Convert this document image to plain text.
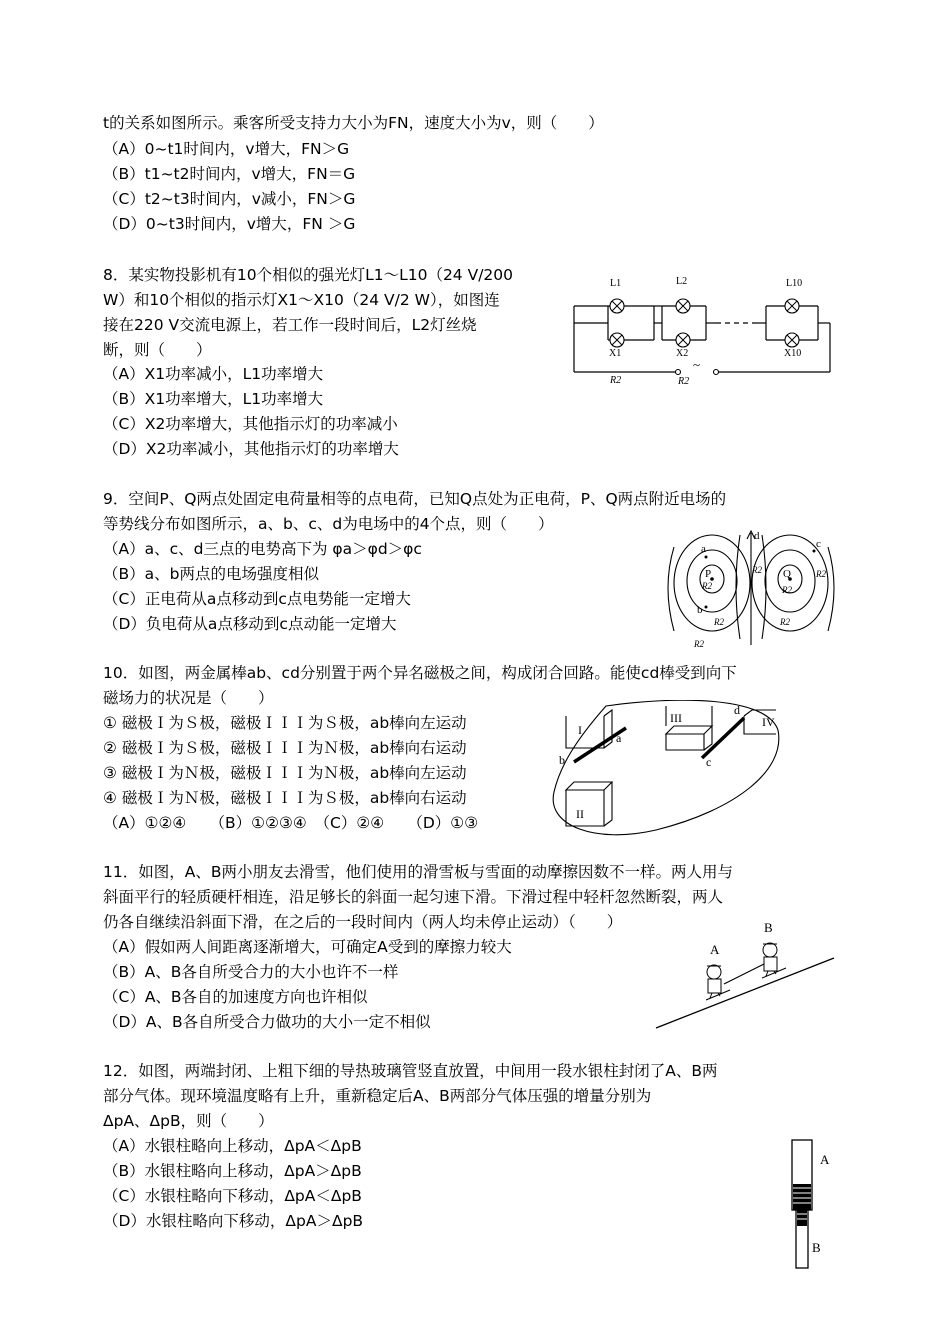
t的关系如图所示。乘客所受支持力大小为FN，速度大小为v，则（　　）
（A）0~t1时间内，v增大，FN＞G
（B）t1~t2时间内，v增大，FN＝G
（C）t2~t3时间内，v减小，FN＞G
（D）0~t3时间内，v增大，FN ＞G
8．某实物投影机有10个相似的强光灯L1～L10（24 V/200
W）和10个相似的指示灯X1～X10（24 V/2 W），如图连
接在220 V交流电源上，若工作一段时间后，L2灯丝烧
断，则（　　）
（A）X1功率减小，L1功率增大
（B）X1功率增大，L1功率增大
（C）X2功率增大，其他指示灯的功率减小
（D）X2功率减小，其他指示灯的功率增大
L1	L2	L10
X1	X2	X10
R2	R2
~
9．空间P、Q两点处固定电荷量相等的点电荷，已知Q点处为正电荷，P、Q两点附近电场的
等势线分布如图所示，a、b、c、d为电场中的4个点，则（　　）
（A）a、c、d三点的电势高下为 φa＞φd＞φc
（B）a、b两点的电场强度相似
（C）正电荷从a点移动到c点电势能一定增大
（D）负电荷从a点移动到c点动能一定增大
a
b
c
d
P	Q
R2
R2
R2
R2	R2
R2
R2
10．如图，两金属棒ab、cd分别置于两个异名磁极之间，构成闭合回路。能使cd棒受到向下
磁场力的状况是（　　）
① 磁极Ｉ为Ｓ极，磁极ＩＩＩ为Ｓ极，ab棒向左运动
② 磁极Ｉ为Ｓ极，磁极ＩＩＩ为Ｎ极，ab棒向右运动
③ 磁极Ｉ为Ｎ极，磁极ＩＩＩ为Ｎ极，ab棒向左运动
④ 磁极Ｉ为Ｎ极，磁极ＩＩＩ为Ｓ极，ab棒向右运动
（A）①②④　　（B）①②③④　（C）②④　　（D）①③
I
II
III	IV
a
b	c
d
11．如图，A、B两小朋友去滑雪，他们使用的滑雪板与雪面的动摩擦因数不一样。两人用与
斜面平行的轻质硬杆相连，沿足够长的斜面一起匀速下滑。下滑过程中轻杆忽然断裂，两人
仍各自继续沿斜面下滑，在之后的一段时间内（两人均未停止运动）（　　）
（A）假如两人间距离逐渐增大，可确定A受到的摩擦力较大
（B）A、B各自所受合力的大小也许不一样
（C）A、B各自的加速度方向也许相似
（D）A、B各自所受合力做功的大小一定不相似
A
B
12．如图，两端封闭、上粗下细的导热玻璃管竖直放置，中间用一段水银柱封闭了A、B两
部分气体。现环境温度略有上升，重新稳定后A、B两部分气体压强的增量分别为
ΔpA、ΔpB，则（　　）
（A）水银柱略向上移动，ΔpA＜ΔpB
（B）水银柱略向上移动，ΔpA＞ΔpB
（C）水银柱略向下移动，ΔpA＜ΔpB
（D）水银柱略向下移动，ΔpA＞ΔpB
A
B
